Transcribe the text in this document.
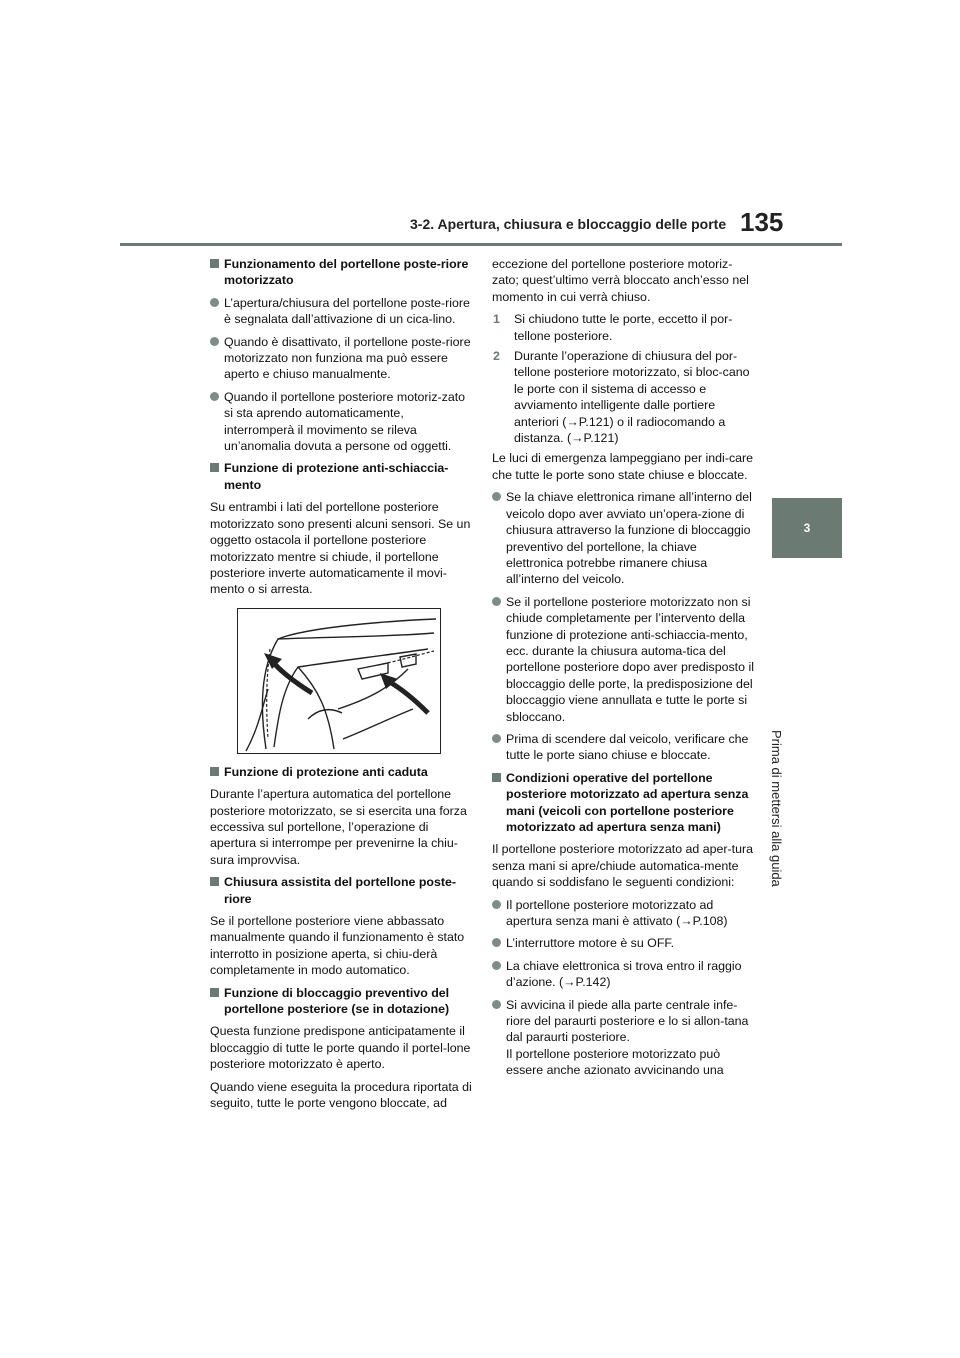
3-2. Apertura, chiusura e bloccaggio delle porte 135
3
Prima di mettersi alla guida
Funzionamento del portellone poste-riore motorizzato
L’apertura/chiusura del portellone poste-riore è segnalata dall’attivazione di un cica-lino.
Quando è disattivato, il portellone poste-riore motorizzato non funziona ma può essere aperto e chiuso manualmente.
Quando il portellone posteriore motoriz-zato si sta aprendo automaticamente, interromperà il movimento se rileva un’anomalia dovuta a persone od oggetti.
Funzione di protezione anti-schiaccia-mento
Su entrambi i lati del portellone posteriore motorizzato sono presenti alcuni sensori. Se un oggetto ostacola il portellone posteriore motorizzato mentre si chiude, il portellone posteriore inverte automaticamente il movi-mento o si arresta.
Funzione di protezione anti caduta
Durante l’apertura automatica del portellone posteriore motorizzato, se si esercita una forza eccessiva sul portellone, l’operazione di apertura si interrompe per prevenirne la chiu-sura improvvisa.
Chiusura assistita del portellone poste-riore
Se il portellone posteriore viene abbassato manualmente quando il funzionamento è stato interrotto in posizione aperta, si chiu-derà completamente in modo automatico.
Funzione di bloccaggio preventivo del portellone posteriore (se in dotazione)
Questa funzione predispone anticipatamente il bloccaggio di tutte le porte quando il portel-lone posteriore motorizzato è aperto.
Quando viene eseguita la procedura riportata di seguito, tutte le porte vengono bloccate, ad
eccezione del portellone posteriore motoriz-zato; quest’ultimo verrà bloccato anch’esso nel momento in cui verrà chiuso.
1 Si chiudono tutte le porte, eccetto il por-tellone posteriore.
2 Durante l’operazione di chiusura del por-tellone posteriore motorizzato, si bloc-cano le porte con il sistema di accesso e avviamento intelligente dalle portiere anteriori (→P.121) o il radiocomando a distanza. (→P.121)
Le luci di emergenza lampeggiano per indi-care che tutte le porte sono state chiuse e bloccate.
Se la chiave elettronica rimane all’interno del veicolo dopo aver avviato un’opera-zione di chiusura attraverso la funzione di bloccaggio preventivo del portellone, la chiave elettronica potrebbe rimanere chiusa all’interno del veicolo.
Se il portellone posteriore motorizzato non si chiude completamente per l’intervento della funzione di protezione anti-schiaccia-mento, ecc. durante la chiusura automa-tica del portellone posteriore dopo aver predisposto il bloccaggio delle porte, la predisposizione del bloccaggio viene annullata e tutte le porte si sbloccano.
Prima di scendere dal veicolo, verificare che tutte le porte siano chiuse e bloccate.
Condizioni operative del portellone posteriore motorizzato ad apertura senza mani (veicoli con portellone posteriore motorizzato ad apertura senza mani)
Il portellone posteriore motorizzato ad aper-tura senza mani si apre/chiude automatica-mente quando si soddisfano le seguenti condizioni:
Il portellone posteriore motorizzato ad apertura senza mani è attivato (→P.108)
L’interruttore motore è su OFF.
La chiave elettronica si trova entro il raggio d’azione. (→P.142)
Si avvicina il piede alla parte centrale infe-riore del paraurti posteriore e lo si allon-tana dal paraurti posteriore.
Il portellone posteriore motorizzato può essere anche azionato avvicinando una
